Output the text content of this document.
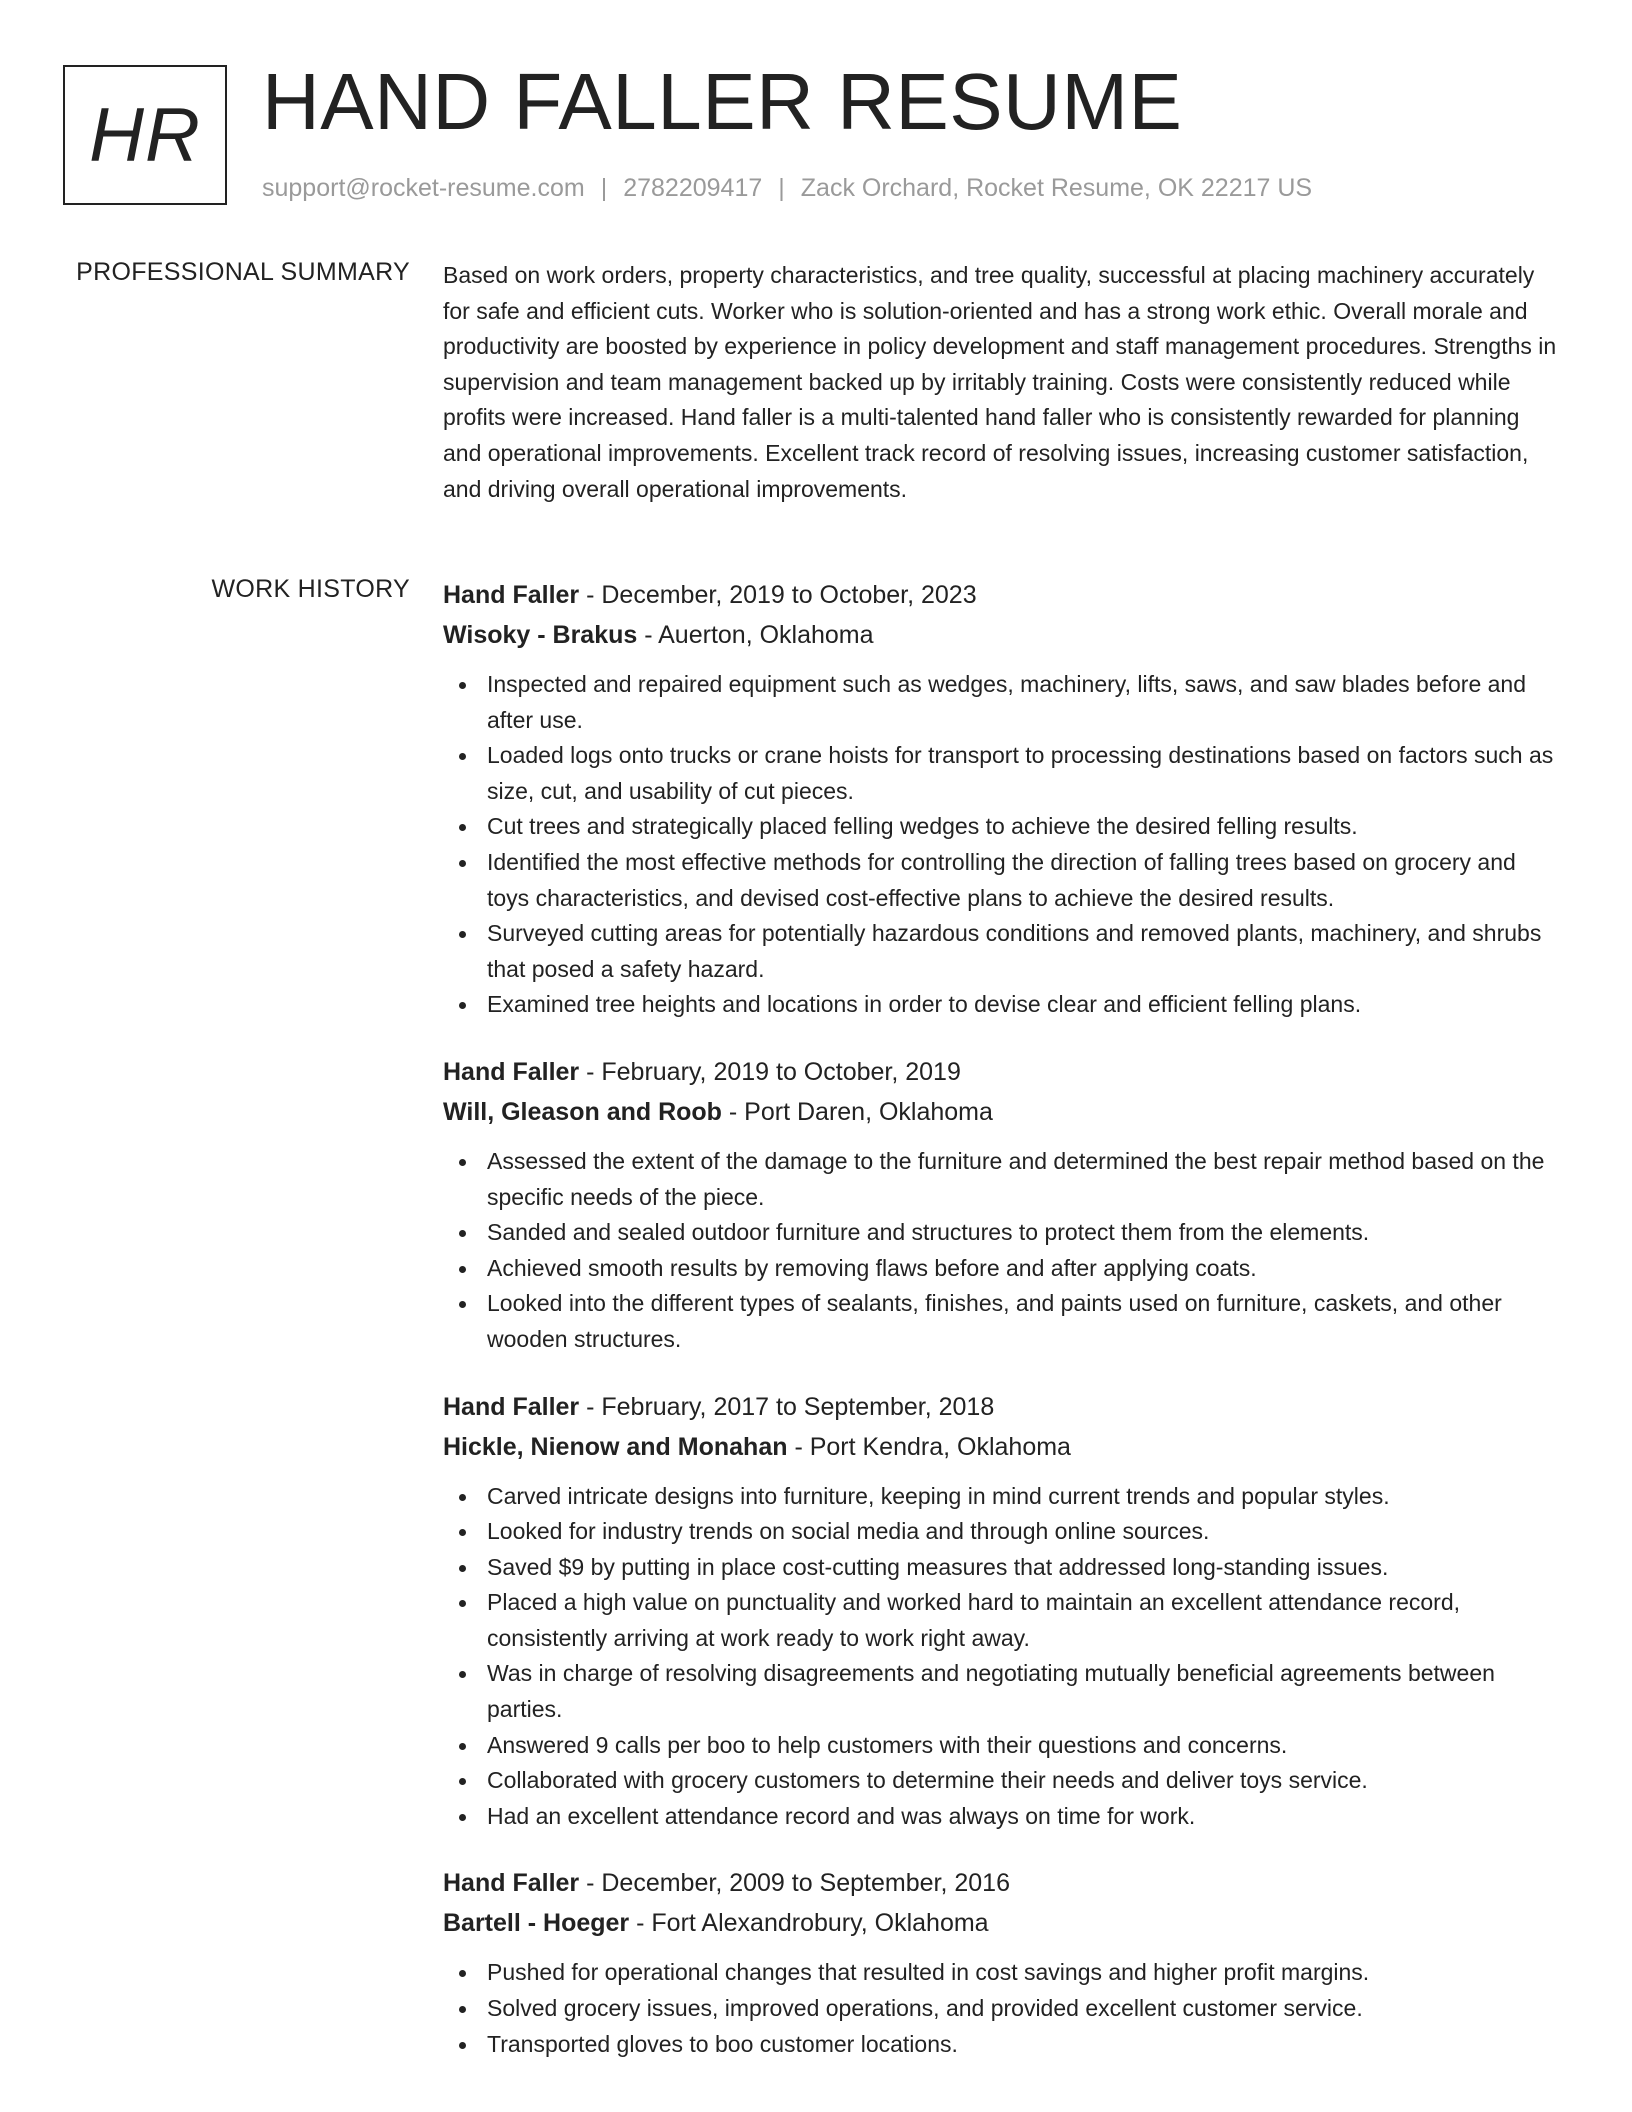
HR HAND FALLER RESUME
support@rocket-resume.com | 2782209417 | Zack Orchard, Rocket Resume, OK 22217 US
PROFESSIONAL SUMMARY Based on work orders, property characteristics, and tree quality, successful at placing machinery accurately for safe and efficient cuts. Worker who is solution-oriented and has a strong work ethic. Overall morale and productivity are boosted by experience in policy development and staff management procedures. Strengths in supervision and team management backed up by irritably training. Costs were consistently reduced while profits were increased. Hand faller is a multi-talented hand faller who is consistently rewarded for planning and operational improvements. Excellent track record of resolving issues, increasing customer satisfaction, and driving overall operational improvements.

WORK HISTORY Hand Faller - December, 2019 to October, 2023
Wisoky - Brakus - Auerton, Oklahoma
Inspected and repaired equipment such as wedges, machinery, lifts, saws, and saw blades before and after use.
Loaded logs onto trucks or crane hoists for transport to processing destinations based on factors such as size, cut, and usability of cut pieces.
Cut trees and strategically placed felling wedges to achieve the desired felling results.
Identified the most effective methods for controlling the direction of falling trees based on grocery and toys characteristics, and devised cost-effective plans to achieve the desired results.
Surveyed cutting areas for potentially hazardous conditions and removed plants, machinery, and shrubs that posed a safety hazard.
Examined tree heights and locations in order to devise clear and efficient felling plans.
Hand Faller - February, 2019 to October, 2019
Will, Gleason and Roob - Port Daren, Oklahoma
Assessed the extent of the damage to the furniture and determined the best repair method based on the specific needs of the piece.
Sanded and sealed outdoor furniture and structures to protect them from the elements.
Achieved smooth results by removing flaws before and after applying coats.
Looked into the different types of sealants, finishes, and paints used on furniture, caskets, and other wooden structures.
Hand Faller - February, 2017 to September, 2018
Hickle, Nienow and Monahan - Port Kendra, Oklahoma
Carved intricate designs into furniture, keeping in mind current trends and popular styles.
Looked for industry trends on social media and through online sources.
Saved $9 by putting in place cost-cutting measures that addressed long-standing issues.
Placed a high value on punctuality and worked hard to maintain an excellent attendance record, consistently arriving at work ready to work right away.
Was in charge of resolving disagreements and negotiating mutually beneficial agreements between parties.
Answered 9 calls per boo to help customers with their questions and concerns.
Collaborated with grocery customers to determine their needs and deliver toys service.
Had an excellent attendance record and was always on time for work.
Hand Faller - December, 2009 to September, 2016
Bartell - Hoeger - Fort Alexandrobury, Oklahoma
Pushed for operational changes that resulted in cost savings and higher profit margins.
Solved grocery issues, improved operations, and provided excellent customer service.
Transported gloves to boo customer locations.
